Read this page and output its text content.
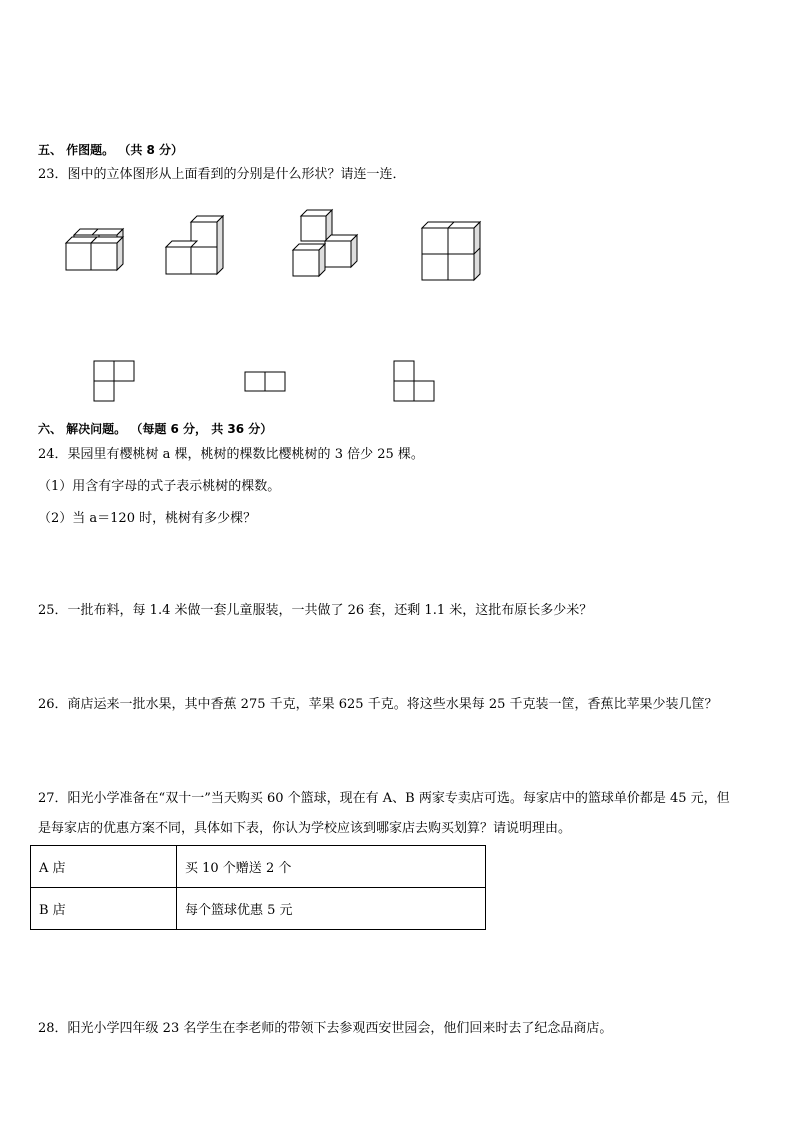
五、 作图题。 （共 8 分）
23．图中的立体图形从上面看到的分别是什么形状？请连一连．
六、 解决问题。 （每题 6 分， 共 36 分）
24．果园里有樱桃树 a 棵，桃树的棵数比樱桃树的 3 倍少 25 棵。
（1）用含有字母的式子表示桃树的棵数。
（2）当 a＝120 时，桃树有多少棵？
25．一批布料，每 1.4 米做一套儿童服装，一共做了 26 套，还剩 1.1 米，这批布原长多少米？
26．商店运来一批水果，其中香蕉 275 千克，苹果 625 千克。将这些水果每 25 千克装一筐，香蕉比苹果少装几筐？
27．阳光小学准备在“双十一”当天购买 60 个篮球，现在有 A、B 两家专卖店可选。每家店中的篮球单价都是 45 元，但
是每家店的优惠方案不同，具体如下表，你认为学校应该到哪家店去购买划算？请说明理由。
A 店	买 10 个赠送 2 个
B 店	每个篮球优惠 5 元
28．阳光小学四年级 23 名学生在李老师的带领下去参观西安世园会，他们回来时去了纪念品商店。
